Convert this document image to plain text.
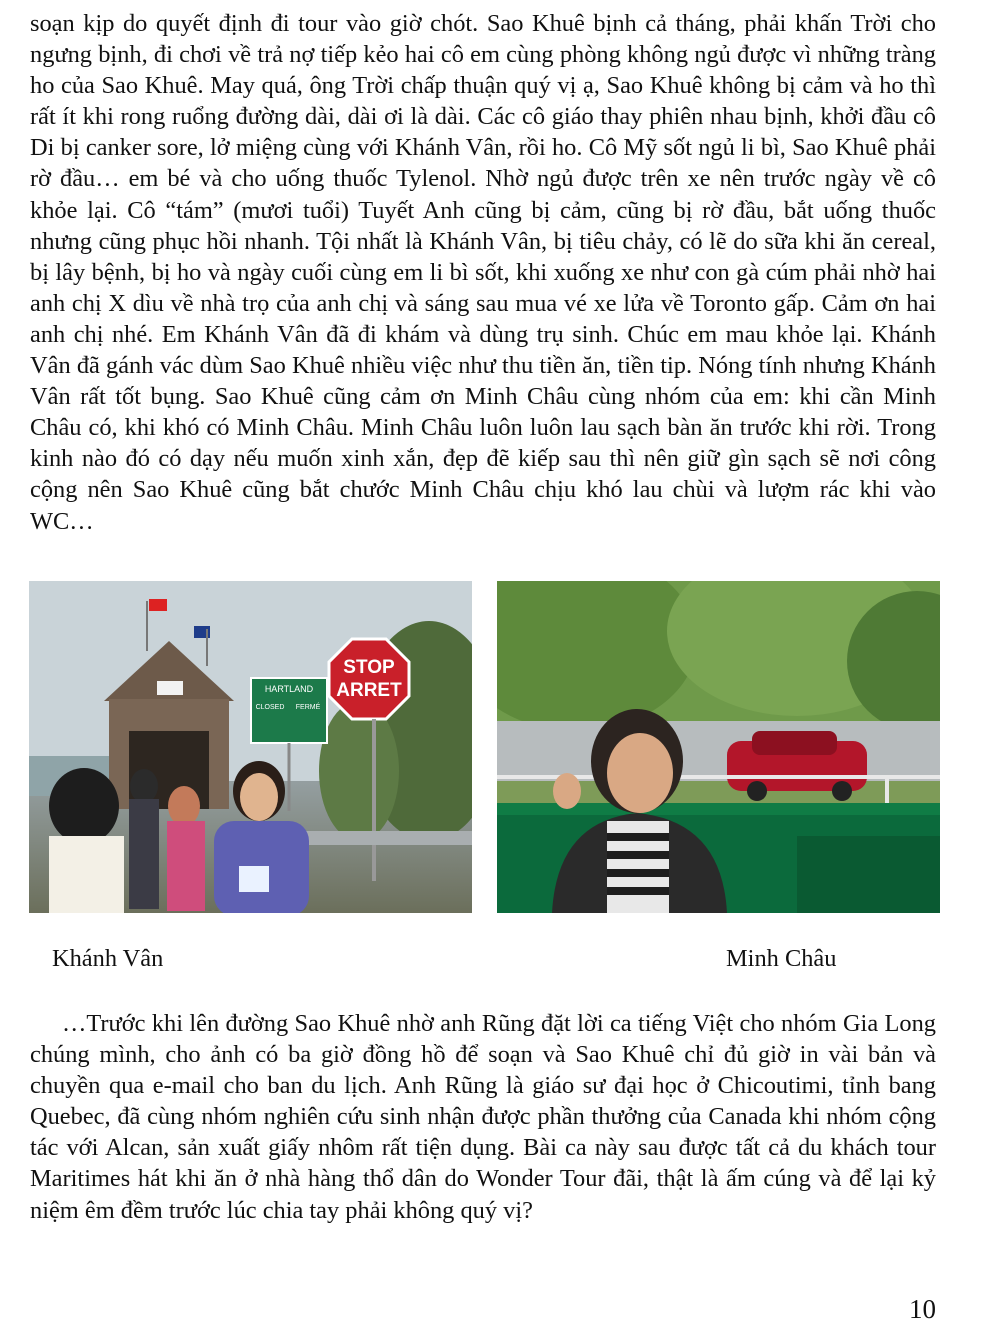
soạn kịp do quyết định đi tour vào giờ chót. Sao Khuê bịnh cả tháng, phải khấn Trời cho ngưng bịnh, đi chơi về trả nợ tiếp kẻo hai cô em cùng phòng không ngủ được vì những tràng ho của Sao Khuê. May quá, ông Trời chấp thuận quý vị ạ, Sao Khuê không bị cảm và ho thì rất ít khi rong ruổng đường dài, dài ơi là dài. Các cô giáo thay phiên nhau bịnh, khởi đầu cô Di bị canker sore, lở miệng cùng với Khánh Vân, rồi ho. Cô Mỹ sốt ngủ li bì, Sao Khuê phải rờ đầu… em bé và cho uống thuốc Tylenol. Nhờ ngủ được trên xe nên trước ngày về cô khỏe lại. Cô “tám” (mươi tuổi) Tuyết Anh cũng bị cảm, cũng bị rờ đầu, bắt uống thuốc nhưng cũng phục hồi nhanh. Tội nhất là Khánh Vân, bị tiêu chảy, có lẽ do sữa khi ăn cereal, bị lây bệnh, bị ho và ngày cuối cùng em li bì sốt, khi xuống xe như con gà cúm phải nhờ hai anh chị X dìu về nhà trọ của anh chị và sáng sau mua vé xe lửa về Toronto gấp. Cảm ơn hai anh chị nhé. Em Khánh Vân đã đi khám và dùng trụ sinh. Chúc em mau khỏe lại. Khánh Vân đã gánh vác dùm Sao Khuê nhiều việc như thu tiền ăn, tiền tip. Nóng tính nhưng Khánh Vân rất tốt bụng. Sao Khuê cũng cảm ơn Minh Châu cùng nhóm của em: khi cần Minh Châu có, khi khó có Minh Châu. Minh Châu luôn luôn lau sạch bàn ăn trước khi rời. Trong kinh nào đó có dạy nếu muốn xinh xắn, đẹp đẽ kiếp sau thì nên giữ gìn sạch sẽ nơi công cộng nên Sao Khuê cũng bắt chước Minh Châu chịu khó lau chùi và lượm rác khi vào WC…

HARTLAND
CLOSED FERMÉ
STOP
ARRET
Khánh Vân	Minh Châu

…Trước khi lên đường Sao Khuê nhờ anh Rũng đặt lời ca tiếng Việt cho nhóm Gia Long chúng mình, cho ảnh có ba giờ đồng hồ để soạn và Sao Khuê chỉ đủ giờ in vài bản và chuyền qua e-mail cho ban du lịch. Anh Rũng là giáo sư đại học ở Chicoutimi, tỉnh bang Quebec, đã cùng nhóm nghiên cứu sinh nhận được phần thưởng của Canada khi nhóm cộng tác với Alcan, sản xuất giấy nhôm rất tiện dụng. Bài ca này sau được tất cả du khách tour Maritimes hát khi ăn ở nhà hàng thổ dân do Wonder Tour đãi, thật là ấm cúng và để lại kỷ niệm êm đềm trước lúc chia tay phải không quý vị?

10
